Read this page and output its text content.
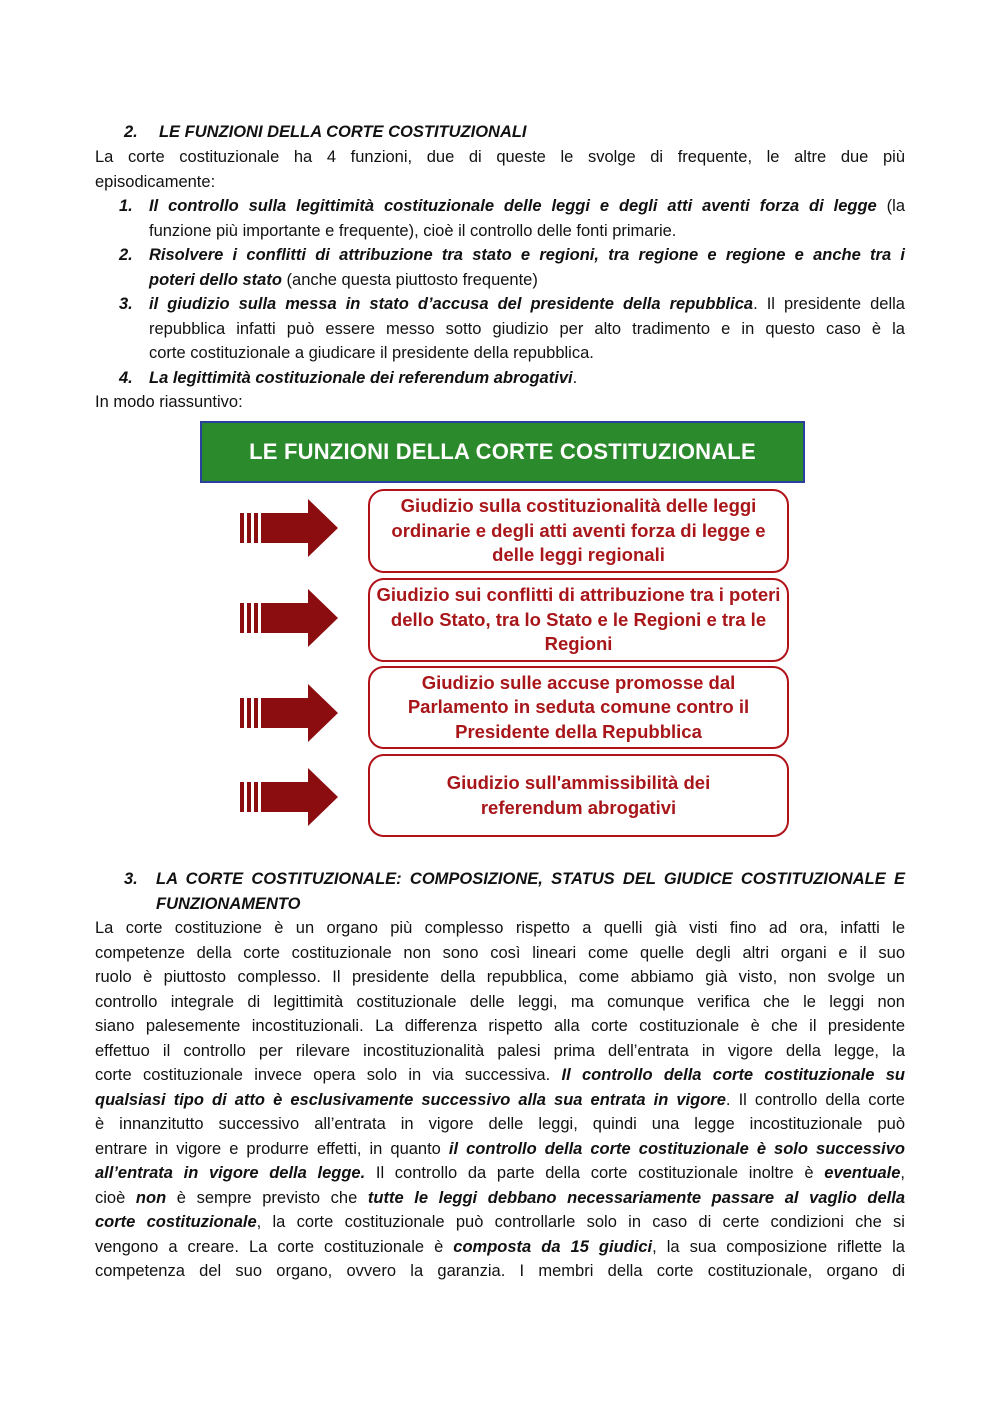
2. LE FUNZIONI DELLA CORTE COSTITUZIONALI
La corte costituzionale ha 4 funzioni, due di queste le svolge di frequente, le altre due più
episodicamente:
1. Il controllo sulla legittimità costituzionale delle leggi e degli atti aventi forza di legge (la
funzione più importante e frequente), cioè il controllo delle fonti primarie.
2. Risolvere i conflitti di attribuzione tra stato e regioni, tra regione e regione e anche tra i
poteri dello stato (anche questa piuttosto frequente)
3. il giudizio sulla messa in stato d’accusa del presidente della repubblica. Il presidente della
repubblica infatti può essere messo sotto giudizio per alto tradimento e in questo caso è la
corte costituzionale a giudicare il presidente della repubblica.
4. La legittimità costituzionale dei referendum abrogativi.
In modo riassuntivo:
LE FUNZIONI DELLA CORTE COSTITUZIONALE
Giudizio sulla costituzionalità delle leggi ordinarie e degli atti aventi forza di legge e delle leggi regionali
Giudizio sui conflitti di attribuzione tra i poteri dello Stato, tra lo Stato e le Regioni e tra le Regioni
Giudizio sulle accuse promosse dal Parlamento in seduta comune contro il Presidente della Repubblica
Giudizio sull'ammissibilità dei referendum abrogativi
3. LA CORTE COSTITUZIONALE: COMPOSIZIONE, STATUS DEL GIUDICE COSTITUZIONALE E
FUNZIONAMENTO
La corte costituzione è un organo più complesso rispetto a quelli già visti fino ad ora, infatti le
competenze della corte costituzionale non sono così lineari come quelle degli altri organi e il suo
ruolo è piuttosto complesso. Il presidente della repubblica, come abbiamo già visto, non svolge un
controllo integrale di legittimità costituzionale delle leggi, ma comunque verifica che le leggi non
siano palesemente incostituzionali. La differenza rispetto alla corte costituzionale è che il presidente
effettuo il controllo per rilevare incostituzionalità palesi prima dell’entrata in vigore della legge, la
corte costituzionale invece opera solo in via successiva. Il controllo della corte costituzionale su
qualsiasi tipo di atto è esclusivamente successivo alla sua entrata in vigore. Il controllo della corte
è innanzitutto successivo all’entrata in vigore delle leggi, quindi una legge incostituzionale può
entrare in vigore e produrre effetti, in quanto il controllo della corte costituzionale è solo successivo
all’entrata in vigore della legge. Il controllo da parte della corte costituzionale inoltre è eventuale,
cioè non è sempre previsto che tutte le leggi debbano necessariamente passare al vaglio della
corte costituzionale, la corte costituzionale può controllarle solo in caso di certe condizioni che si
vengono a creare. La corte costituzionale è composta da 15 giudici, la sua composizione riflette la
competenza del suo organo, ovvero la garanzia. I membri della corte costituzionale, organo di
